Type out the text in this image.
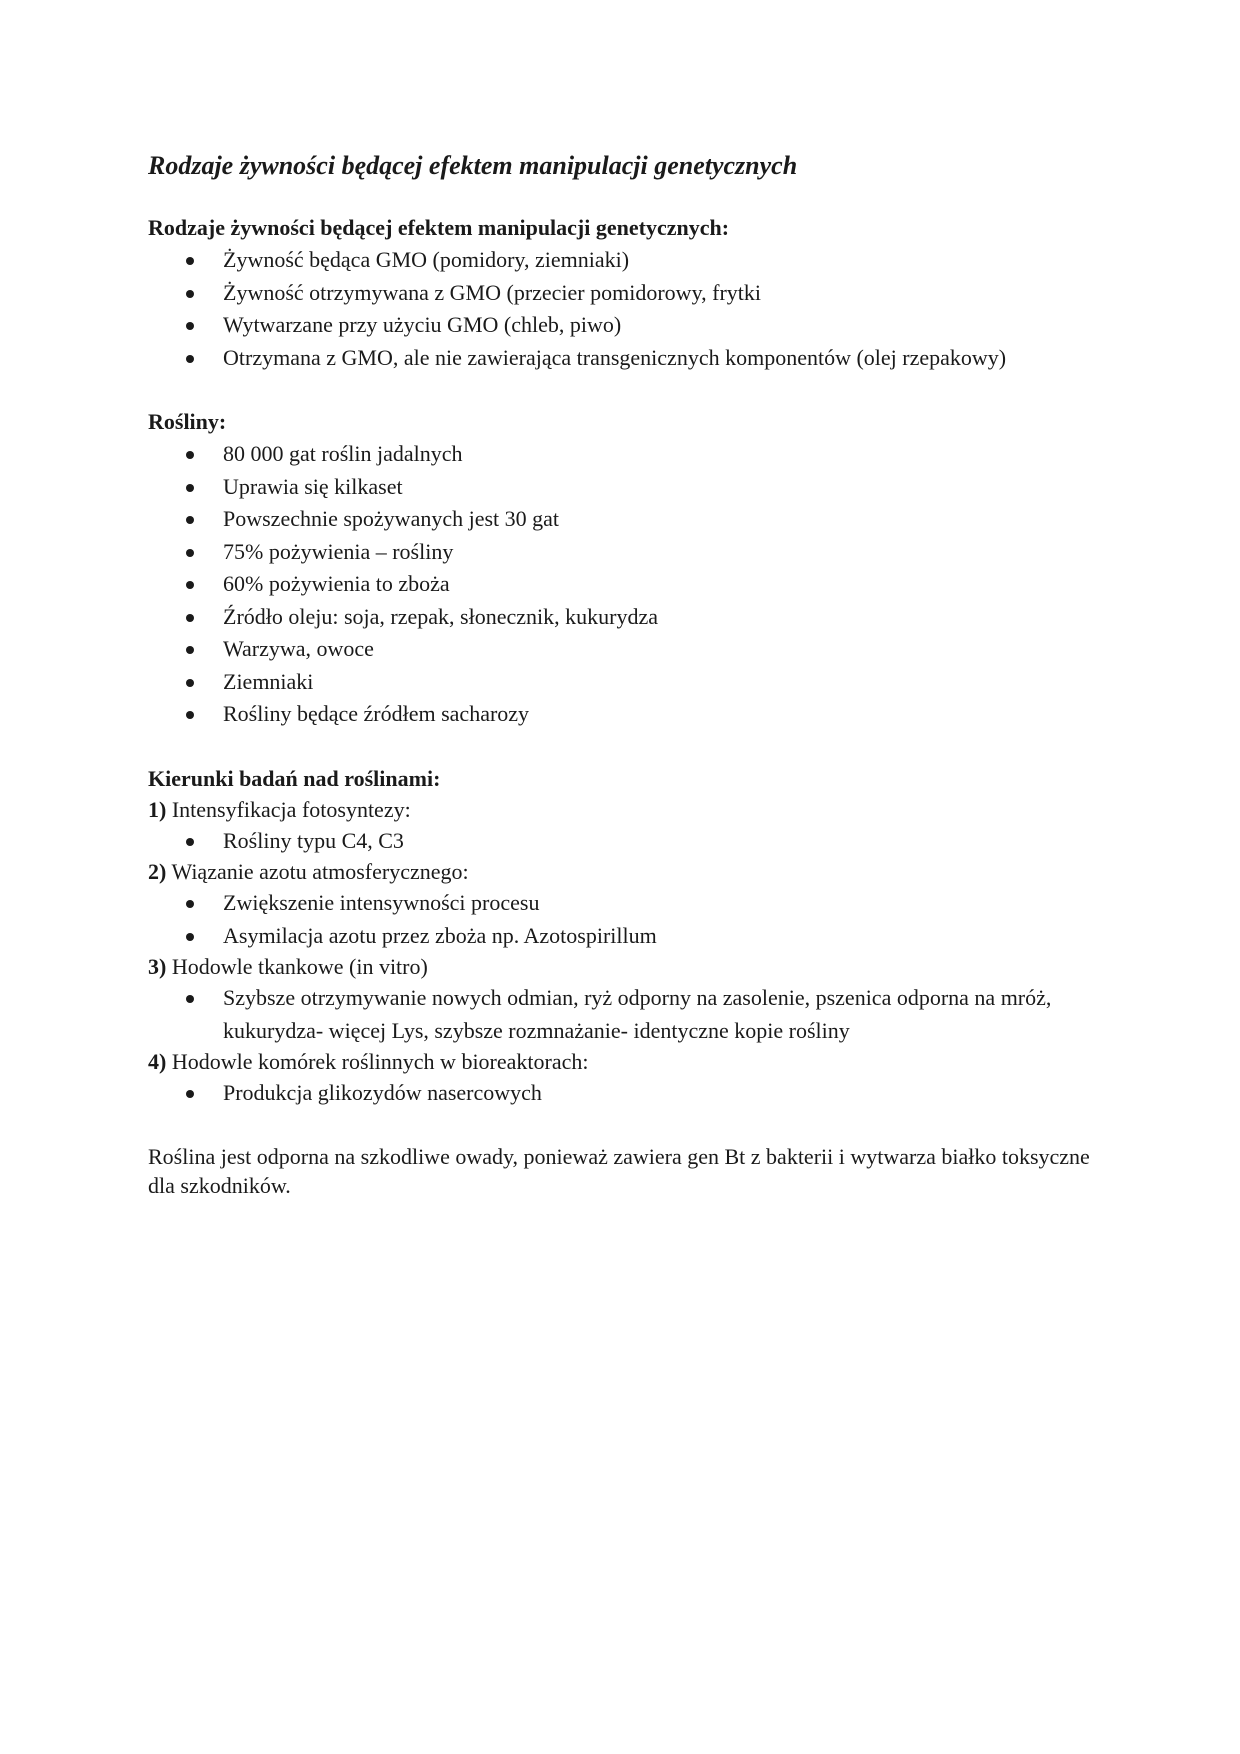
Rodzaje żywności będącej efektem manipulacji genetycznych

Rodzaje żywności będącej efektem manipulacji genetycznych:

Żywność będąca GMO (pomidory, ziemniaki)
Żywność otrzymywana z GMO (przecier pomidorowy, frytki
Wytwarzane przy użyciu GMO (chleb, piwo)
Otrzymana z GMO, ale nie zawierająca transgenicznych komponentów (olej rzepakowy)

Rośliny:

80 000 gat roślin jadalnych
Uprawia się kilkaset
Powszechnie spożywanych jest 30 gat
75% pożywienia – rośliny
60% pożywienia to zboża
Źródło oleju: soja, rzepak, słonecznik, kukurydza
Warzywa, owoce
Ziemniaki
Rośliny będące źródłem sacharozy

Kierunki badań nad roślinami:

1) Intensyfikacja fotosyntezy:

Rośliny typu C4, C3

2) Wiązanie azotu atmosferycznego:

Zwiększenie intensywności procesu
Asymilacja azotu przez zboża np. Azotospirillum

3) Hodowle tkankowe (in vitro)

Szybsze otrzymywanie nowych odmian, ryż odporny na zasolenie, pszenica odporna na mróż, kukurydza- więcej Lys, szybsze rozmnażanie- identyczne kopie rośliny

4) Hodowle komórek roślinnych w bioreaktorach:

Produkcja glikozydów nasercowych

Roślina jest odporna na szkodliwe owady, ponieważ zawiera gen Bt z bakterii i wytwarza białko toksyczne dla szkodników.
